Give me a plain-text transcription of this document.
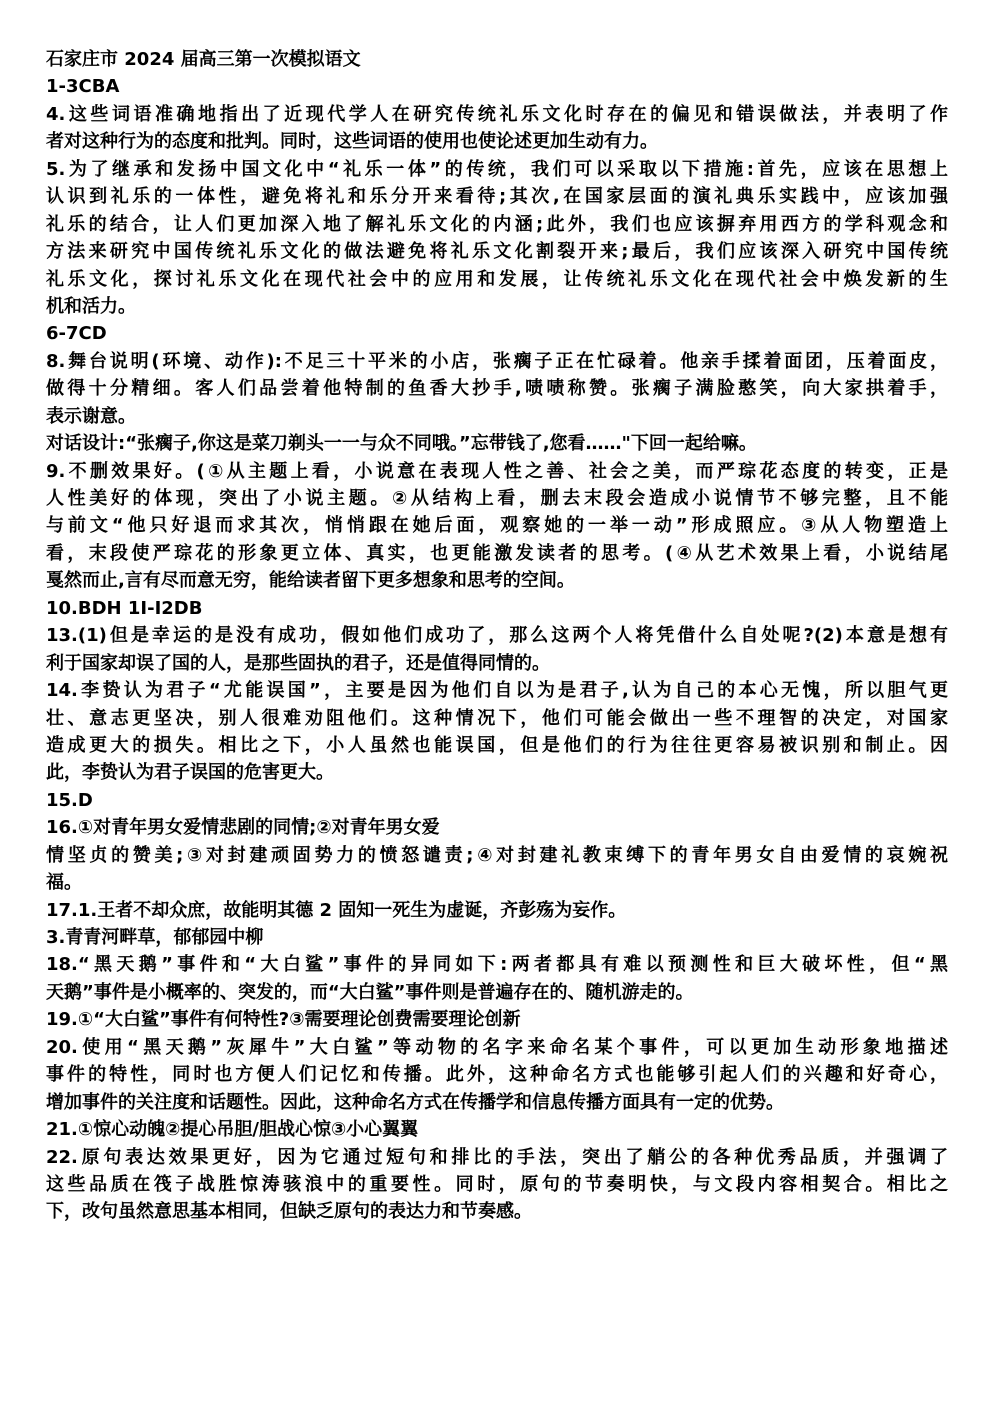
石家庄市 2024 届高三第一次模拟语文
1-3CBA
4.这些词语准确地指出了近现代学人在研究传统礼乐文化时存在的偏见和错误做法，并表明了作
者对这种行为的态度和批判。同时，这些词语的使用也使论述更加生动有力。
5.为了继承和发扬中国文化中“礼乐一体”的传统，我们可以采取以下措施:首先，应该在思想上
认识到礼乐的一体性，避免将礼和乐分开来看待;其次,在国家层面的演礼典乐实践中，应该加强
礼乐的结合，让人们更加深入地了解礼乐文化的内涵;此外，我们也应该摒弃用西方的学科观念和
方法来研究中国传统礼乐文化的做法避免将礼乐文化割裂开来;最后，我们应该深入研究中国传统
礼乐文化，探讨礼乐文化在现代社会中的应用和发展，让传统礼乐文化在现代社会中焕发新的生
机和活力。
6-7CD
8.舞台说明(环境、动作):不足三十平米的小店，张瘸子正在忙碌着。他亲手揉着面团，压着面皮，
做得十分精细。客人们品尝着他特制的鱼香大抄手,啧啧称赞。张瘸子满脸憨笑，向大家拱着手，
表示谢意。
对话设计:“张瘸子,你这是菜刀剃头一一与众不同哦。”忘带钱了,您看……"下回一起给嘛。
9.不删效果好。(①从主题上看，小说意在表现人性之善、社会之美，而严琮花态度的转变，正是
人性美好的体现，突出了小说主题。②从结构上看，删去末段会造成小说情节不够完整，且不能
与前文“他只好退而求其次，悄悄跟在她后面，观察她的一举一动”形成照应。③从人物塑造上
看，末段使严琮花的形象更立体、真实，也更能激发读者的思考。(④从艺术效果上看，小说结尾
戛然而止,言有尽而意无穷，能给读者留下更多想象和思考的空间。
10.BDH 1I-I2DB
13.(1)但是幸运的是没有成功，假如他们成功了，那么这两个人将凭借什么自处呢?(2)本意是想有
利于国家却误了国的人，是那些固执的君子，还是值得同情的。
14.李贽认为君子“尤能误国”，主要是因为他们自以为是君子,认为自己的本心无愧，所以胆气更
壮、意志更坚决，别人很难劝阻他们。这种情况下，他们可能会做出一些不理智的决定，对国家
造成更大的损失。相比之下，小人虽然也能误国，但是他们的行为往往更容易被识别和制止。因
此，李贽认为君子误国的危害更大。
15.D
16.①对青年男女爱情悲剧的同情;②对青年男女爱
情坚贞的赞美;③对封建顽固势力的愤怒谴责;④对封建礼教束缚下的青年男女自由爱情的哀婉祝
福。
17.1.王者不却众庶，故能明其德 2 固知一死生为虚诞，齐彭殇为妄作。
3.青青河畔草，郁郁园中柳
18.“黑天鹅”事件和“大白鲨”事件的异同如下:两者都具有难以预测性和巨大破坏性，但“黑
天鹅”事件是小概率的、突发的，而“大白鲨”事件则是普遍存在的、随机游走的。
19.①“大白鲨”事件有何特性?③需要理论创费需要理论创新
20.使用“黑天鹅”灰犀牛”大白鲨”等动物的名字来命名某个事件，可以更加生动形象地描述
事件的特性，同时也方便人们记忆和传播。此外，这种命名方式也能够引起人们的兴趣和好奇心，
增加事件的关注度和话题性。因此，这种命名方式在传播学和信息传播方面具有一定的优势。
21.①惊心动魄②提心吊胆/胆战心惊③小心翼翼
22.原句表达效果更好，因为它通过短句和排比的手法，突出了艄公的各种优秀品质，并强调了
这些品质在筏子战胜惊涛骇浪中的重要性。同时，原句的节奏明快，与文段内容相契合。相比之
下，改句虽然意思基本相同，但缺乏原句的表达力和节奏感。
